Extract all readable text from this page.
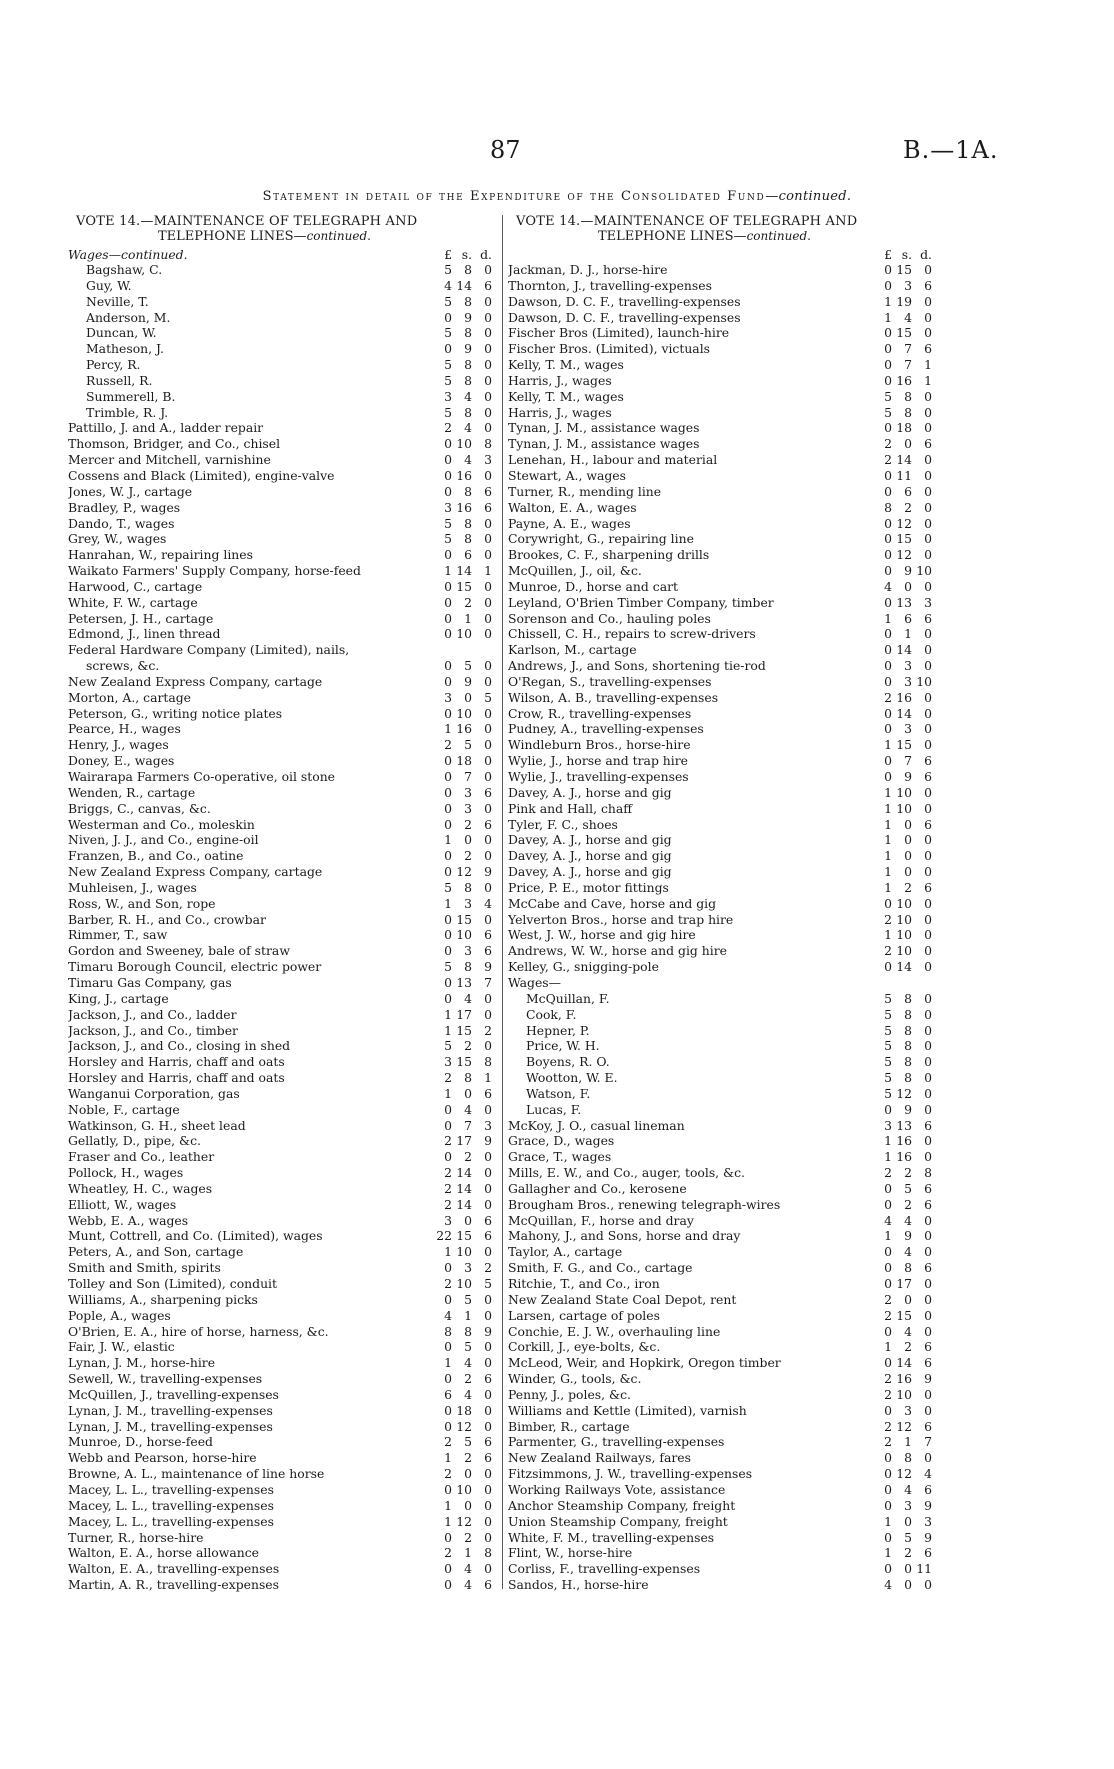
87	B.—1A.
Statement in detail of the Expenditure of the Consolidated Fund—continued.
VOTE 14.—MAINTENANCE OF TELEGRAPH AND
TELEPHONE LINES—continued.
Wages—continued.	£ s. d.
Bagshaw, C.	5 8 0
Guy, W.	4 14 6
Neville, T.	5 8 0
Anderson, M.	0 9 0
Duncan, W.	5 8 0
Matheson, J.	0 9 0
Percy, R.	5 8 0
Russell, R.	5 8 0
Summerell, B.	3 4 0
Trimble, R. J.	5 8 0
Pattillo, J. and A., ladder repair	2 4 0
Thomson, Bridger, and Co., chisel	0 10 8
Mercer and Mitchell, varnishine	0 4 3
Cossens and Black (Limited), engine-valve	0 16 0
Jones, W. J., cartage	0 8 6
Bradley, P., wages	3 16 6
Dando, T., wages	5 8 0
Grey, W., wages	5 8 0
Hanrahan, W., repairing lines	0 6 0
Waikato Farmers' Supply Company, horse-feed	1 14 1
Harwood, C., cartage	0 15 0
White, F. W., cartage	0 2 0
Petersen, J. H., cartage	0 1 0
Edmond, J., linen thread	0 10 0
Federal Hardware Company (Limited), nails,
screws, &c.	0 5 0
New Zealand Express Company, cartage	0 9 0
Morton, A., cartage	3 0 5
Peterson, G., writing notice plates	0 10 0
Pearce, H., wages	1 16 0
Henry, J., wages	2 5 0
Doney, E., wages	0 18 0
Wairarapa Farmers Co-operative, oil stone	0 7 0
Wenden, R., cartage	0 3 6
Briggs, C., canvas, &c.	0 3 0
Westerman and Co., moleskin	0 2 6
Niven, J. J., and Co., engine-oil	1 0 0
Franzen, B., and Co., oatine	0 2 0
New Zealand Express Company, cartage	0 12 9
Muhleisen, J., wages	5 8 0
Ross, W., and Son, rope	1 3 4
Barber, R. H., and Co., crowbar	0 15 0
Rimmer, T., saw	0 10 6
Gordon and Sweeney, bale of straw	0 3 6
Timaru Borough Council, electric power	5 8 9
Timaru Gas Company, gas	0 13 7
King, J., cartage	0 4 0
Jackson, J., and Co., ladder	1 17 0
Jackson, J., and Co., timber	1 15 2
Jackson, J., and Co., closing in shed	5 2 0
Horsley and Harris, chaff and oats	3 15 8
Horsley and Harris, chaff and oats	2 8 1
Wanganui Corporation, gas	1 0 6
Noble, F., cartage	0 4 0
Watkinson, G. H., sheet lead	0 7 3
Gellatly, D., pipe, &c.	2 17 9
Fraser and Co., leather	0 2 0
Pollock, H., wages	2 14 0
Wheatley, H. C., wages	2 14 0
Elliott, W., wages	2 14 0
Webb, E. A., wages	3 0 6
Munt, Cottrell, and Co. (Limited), wages	22 15 6
Peters, A., and Son, cartage	1 10 0
Smith and Smith, spirits	0 3 2
Tolley and Son (Limited), conduit	2 10 5
Williams, A., sharpening picks	0 5 0
Pople, A., wages	4 1 0
O'Brien, E. A., hire of horse, harness, &c.	8 8 9
Fair, J. W., elastic	0 5 0
Lynan, J. M., horse-hire	1 4 0
Sewell, W., travelling-expenses	0 2 6
McQuillen, J., travelling-expenses	6 4 0
Lynan, J. M., travelling-expenses	0 18 0
Lynan, J. M., travelling-expenses	0 12 0
Munroe, D., horse-feed	2 5 6
Webb and Pearson, horse-hire	1 2 6
Browne, A. L., maintenance of line horse	2 0 0
Macey, L. L., travelling-expenses	0 10 0
Macey, L. L., travelling-expenses	1 0 0
Macey, L. L., travelling-expenses	1 12 0
Turner, R., horse-hire	0 2 0
Walton, E. A., horse allowance	2 1 8
Walton, E. A., travelling-expenses	0 4 0
Martin, A. R., travelling-expenses	0 4 6
VOTE 14.—MAINTENANCE OF TELEGRAPH AND
TELEPHONE LINES—continued.
£ s. d.
Jackman, D. J., horse-hire	0 15 0
Thornton, J., travelling-expenses	0 3 6
Dawson, D. C. F., travelling-expenses	1 19 0
Dawson, D. C. F., travelling-expenses	1 4 0
Fischer Bros (Limited), launch-hire	0 15 0
Fischer Bros. (Limited), victuals	0 7 6
Kelly, T. M., wages	0 7 1
Harris, J., wages	0 16 1
Kelly, T. M., wages	5 8 0
Harris, J., wages	5 8 0
Tynan, J. M., assistance wages	0 18 0
Tynan, J. M., assistance wages	2 0 6
Lenehan, H., labour and material	2 14 0
Stewart, A., wages	0 11 0
Turner, R., mending line	0 6 0
Walton, E. A., wages	8 2 0
Payne, A. E., wages	0 12 0
Corywright, G., repairing line	0 15 0
Brookes, C. F., sharpening drills	0 12 0
McQuillen, J., oil, &c.	0 9 10
Munroe, D., horse and cart	4 0 0
Leyland, O'Brien Timber Company, timber	0 13 3
Sorenson and Co., hauling poles	1 6 6
Chissell, C. H., repairs to screw-drivers	0 1 0
Karlson, M., cartage	0 14 0
Andrews, J., and Sons, shortening tie-rod	0 3 0
O'Regan, S., travelling-expenses	0 3 10
Wilson, A. B., travelling-expenses	2 16 0
Crow, R., travelling-expenses	0 14 0
Pudney, A., travelling-expenses	0 3 0
Windleburn Bros., horse-hire	1 15 0
Wylie, J., horse and trap hire	0 7 6
Wylie, J., travelling-expenses	0 9 6
Davey, A. J., horse and gig	1 10 0
Pink and Hall, chaff	1 10 0
Tyler, F. C., shoes	1 0 6
Davey, A. J., horse and gig	1 0 0
Davey, A. J., horse and gig	1 0 0
Davey, A. J., horse and gig	1 0 0
Price, P. E., motor fittings	1 2 6
McCabe and Cave, horse and gig	0 10 0
Yelverton Bros., horse and trap hire	2 10 0
West, J. W., horse and gig hire	1 10 0
Andrews, W. W., horse and gig hire	2 10 0
Kelley, G., snigging-pole	0 14 0
Wages—
McQuillan, F.	5 8 0
Cook, F.	5 8 0
Hepner, P.	5 8 0
Price, W. H.	5 8 0
Boyens, R. O.	5 8 0
Wootton, W. E.	5 8 0
Watson, F.	5 12 0
Lucas, F.	0 9 0
McKoy, J. O., casual lineman	3 13 6
Grace, D., wages	1 16 0
Grace, T., wages	1 16 0
Mills, E. W., and Co., auger, tools, &c.	2 2 8
Gallagher and Co., kerosene	0 5 6
Brougham Bros., renewing telegraph-wires	0 2 6
McQuillan, F., horse and dray	4 4 0
Mahony, J., and Sons, horse and dray	1 9 0
Taylor, A., cartage	0 4 0
Smith, F. G., and Co., cartage	0 8 6
Ritchie, T., and Co., iron	0 17 0
New Zealand State Coal Depot, rent	2 0 0
Larsen, cartage of poles	2 15 0
Conchie, E. J. W., overhauling line	0 4 0
Corkill, J., eye-bolts, &c.	1 2 6
McLeod, Weir, and Hopkirk, Oregon timber	0 14 6
Winder, G., tools, &c.	2 16 9
Penny, J., poles, &c.	2 10 0
Williams and Kettle (Limited), varnish	0 3 0
Bimber, R., cartage	2 12 6
Parmenter, G., travelling-expenses	2 1 7
New Zealand Railways, fares	0 8 0
Fitzsimmons, J. W., travelling-expenses	0 12 4
Working Railways Vote, assistance	0 4 6
Anchor Steamship Company, freight	0 3 9
Union Steamship Company, freight	1 0 3
White, F. M., travelling-expenses	0 5 9
Flint, W., horse-hire	1 2 6
Corliss, F., travelling-expenses	0 0 11
Sandos, H., horse-hire	4 0 0
